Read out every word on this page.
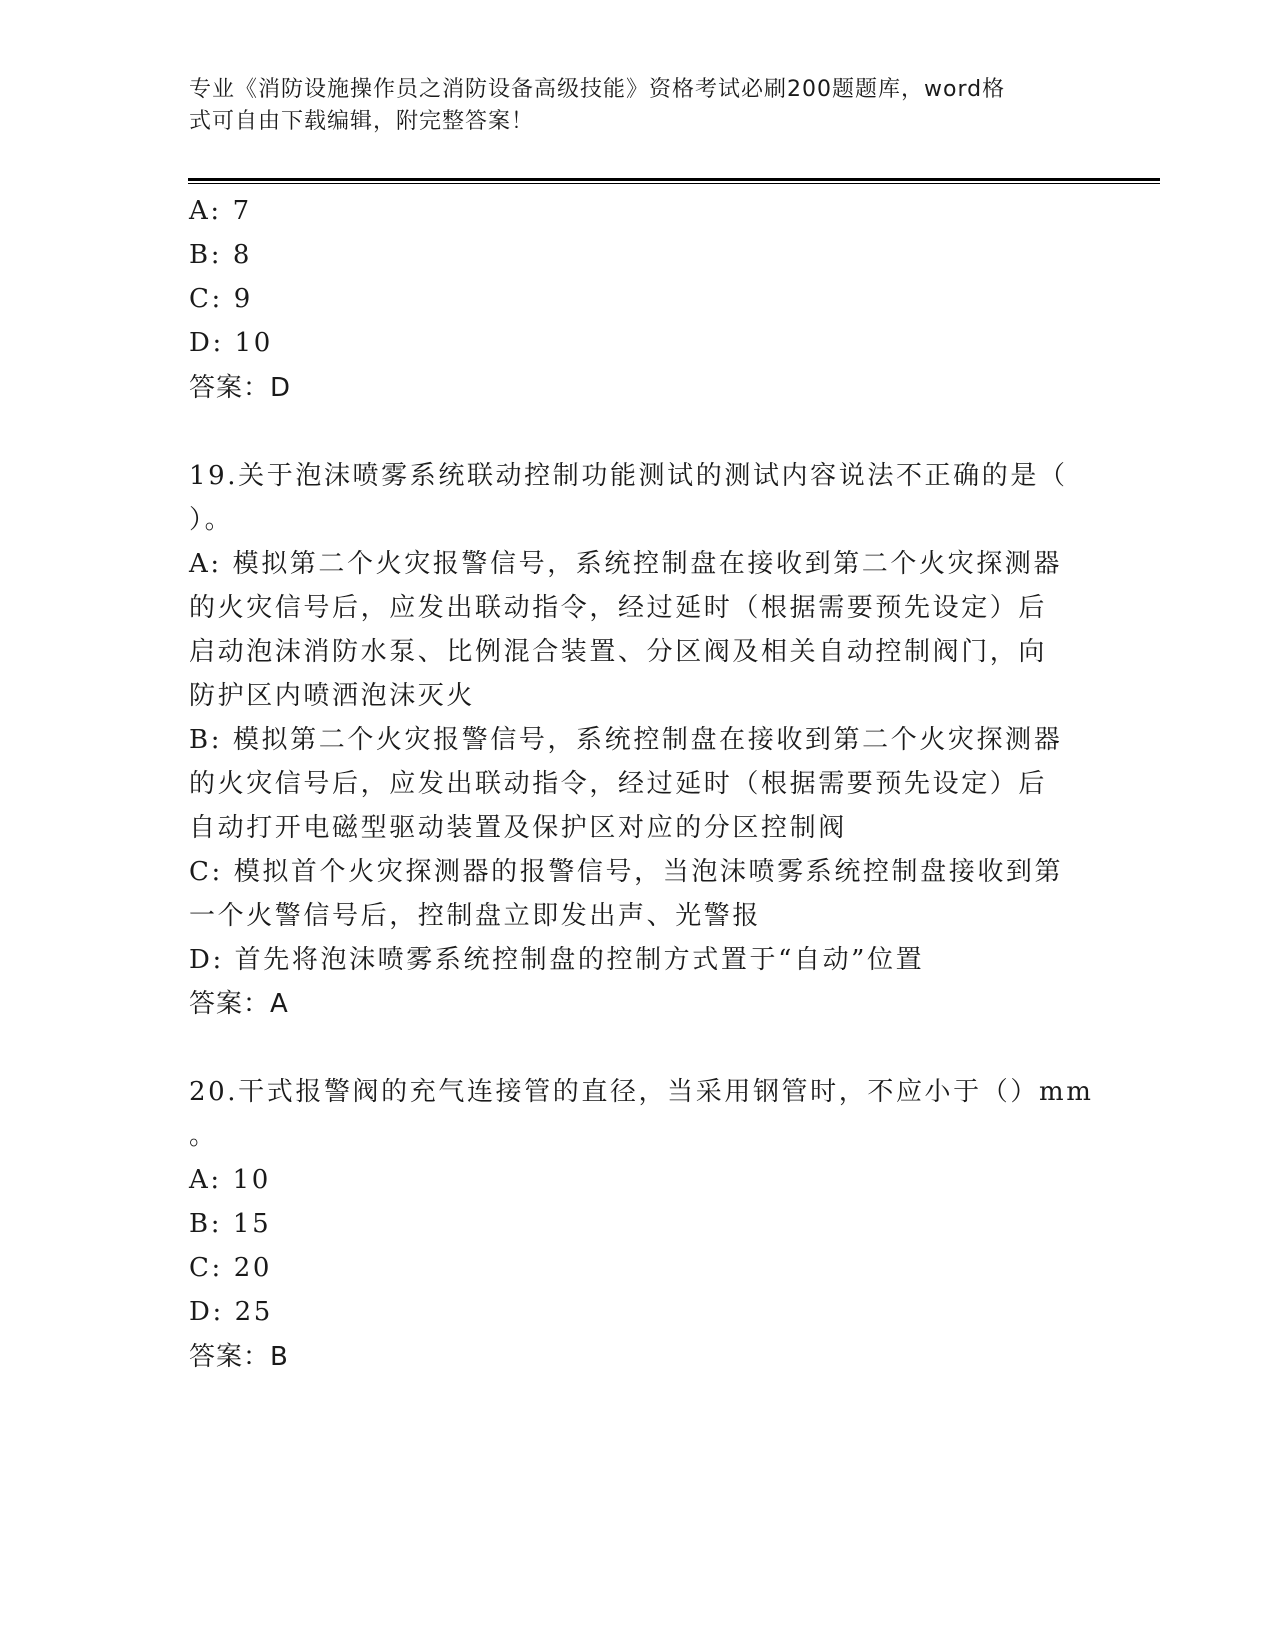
专业《消防设施操作员之消防设备高级技能》资格考试必刷200题题库，word格
式可自由下载编辑，附完整答案！
A: 7
B: 8
C: 9
D: 10
答案：D
19.关于泡沫喷雾系统联动控制功能测试的测试内容说法不正确的是（
）。
A: 模拟第二个火灾报警信号，系统控制盘在接收到第二个火灾探测器
的火灾信号后，应发出联动指令，经过延时（根据需要预先设定）后
启动泡沫消防水泵、比例混合装置、分区阀及相关自动控制阀门，向
防护区内喷洒泡沫灭火
B: 模拟第二个火灾报警信号，系统控制盘在接收到第二个火灾探测器
的火灾信号后，应发出联动指令，经过延时（根据需要预先设定）后
自动打开电磁型驱动装置及保护区对应的分区控制阀
C: 模拟首个火灾探测器的报警信号，当泡沫喷雾系统控制盘接收到第
一个火警信号后，控制盘立即发出声、光警报
D: 首先将泡沫喷雾系统控制盘的控制方式置于“自动”位置
答案：A
20.干式报警阀的充气连接管的直径，当采用钢管时，不应小于（）mm
。
A: 10
B: 15
C: 20
D: 25
答案：B
